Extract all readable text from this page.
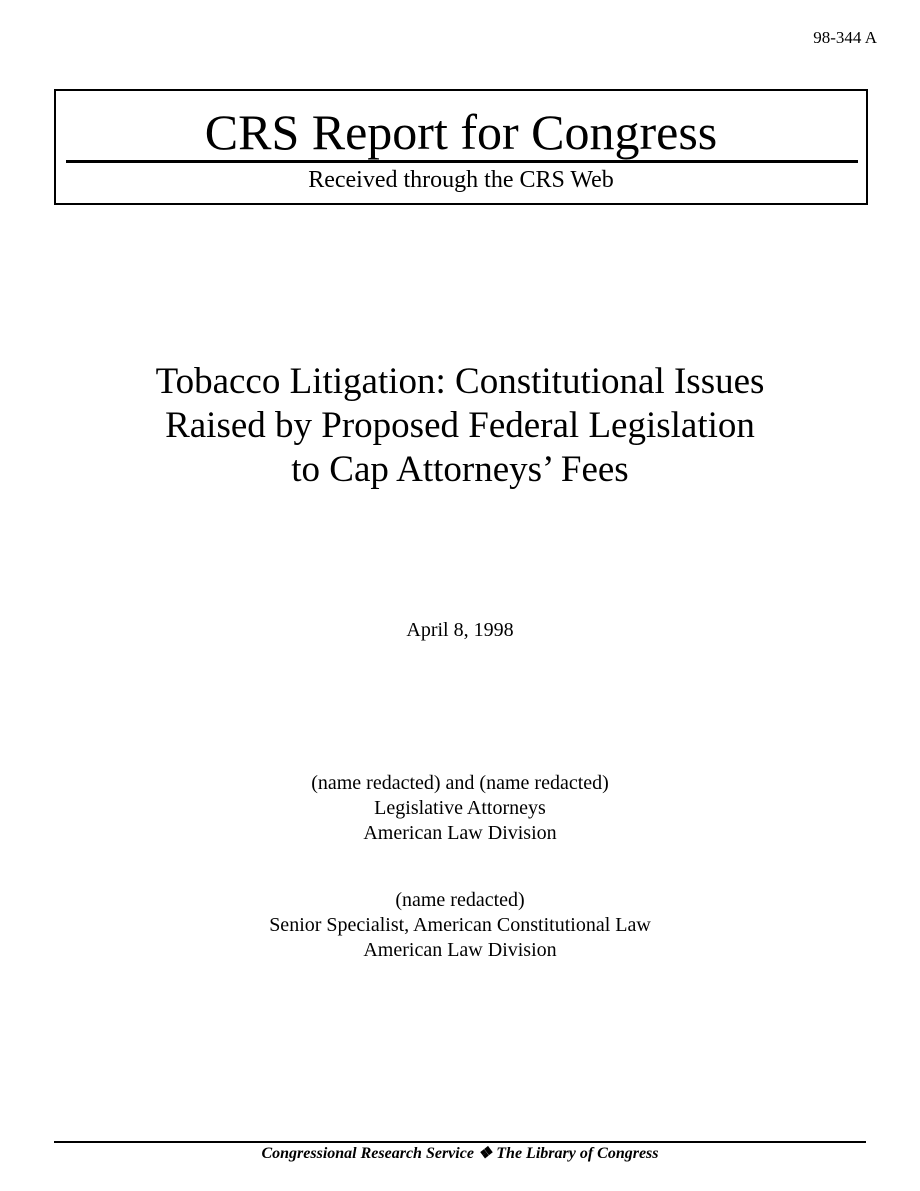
98-344 A
CRS Report for Congress
Received through the CRS Web
Tobacco Litigation: Constitutional Issues
Raised by Proposed Federal Legislation
to Cap Attorneys’ Fees
April 8, 1998
(name redacted) and (name redacted)
Legislative Attorneys
American Law Division
(name redacted)
Senior Specialist, American Constitutional Law
American Law Division
Congressional Research Service ❖ The Library of Congress
